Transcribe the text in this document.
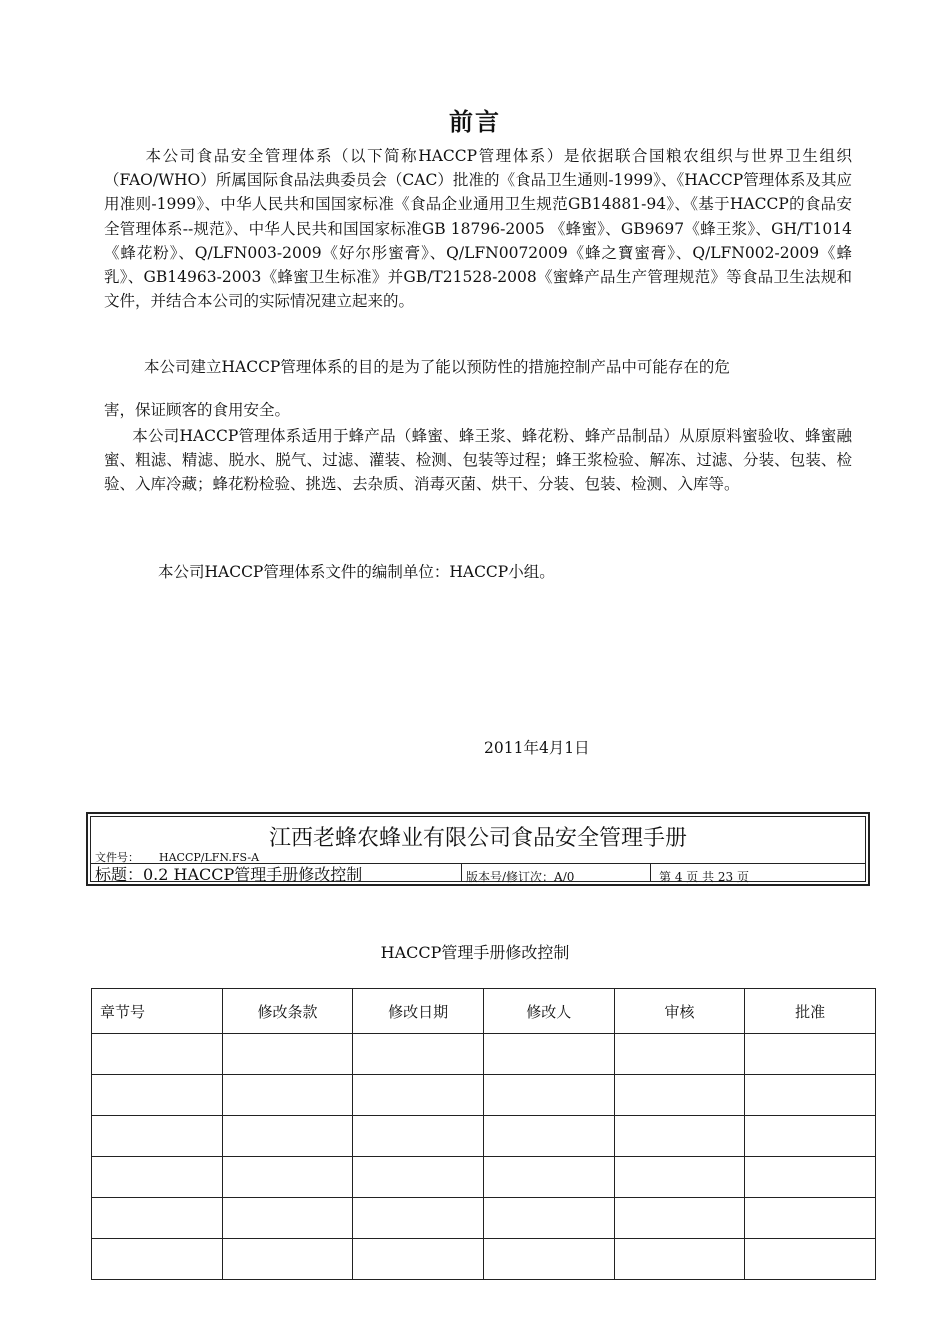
前言

本公司食品安全管理体系（以下简称HACCP管理体系）是依据联合国粮农组织与世界卫生组织（FAO/WHO）所属国际食品法典委员会（CAC）批准的《食品卫生通则-1999》、《HACCP管理体系及其应用准则-1999》、中华人民共和国国家标准《食品企业通用卫生规范GB14881-94》、《基于HACCP的食品安全管理体系--规范》、中华人民共和国国家标准GB 18796-2005 《蜂蜜》、GB9697《蜂王浆》、GH/T1014《蜂花粉》、Q/LFN003-2009《好尔彤蜜膏》、Q/LFN0072009《蜂之寶蜜膏》、Q/LFN002-2009《蜂乳》、GB14963-2003《蜂蜜卫生标准》并GB/T21528-2008《蜜蜂产品生产管理规范》等食品卫生法规和文件，并结合本公司的实际情况建立起来的。

本公司建立HACCP管理体系的目的是为了能以预防性的措施控制产品中可能存在的危

害，保证顾客的食用安全。

本公司HACCP管理体系适用于蜂产品（蜂蜜、蜂王浆、蜂花粉、蜂产品制品）从原原料蜜验收、蜂蜜融蜜、粗滤、精滤、脱水、脱气、过滤、灌装、检测、包装等过程；蜂王浆检验、解冻、过滤、分装、包装、检验、入库冷藏；蜂花粉检验、挑选、去杂质、消毒灭菌、烘干、分装、包装、检测、入库等。

本公司HACCP管理体系文件的编制单位：HACCP小组。

2011年4月1日
江西老蜂农蜂业有限公司食品安全管理手册
文件号： HACCP/LFN.FS-A
标题：0.2 HACCP管理手册修改控制	版本号/修订次：A/0	第 4 页 共 23 页
HACCP管理手册修改控制
章节号	修改条款	修改日期	修改人	审核	批准
